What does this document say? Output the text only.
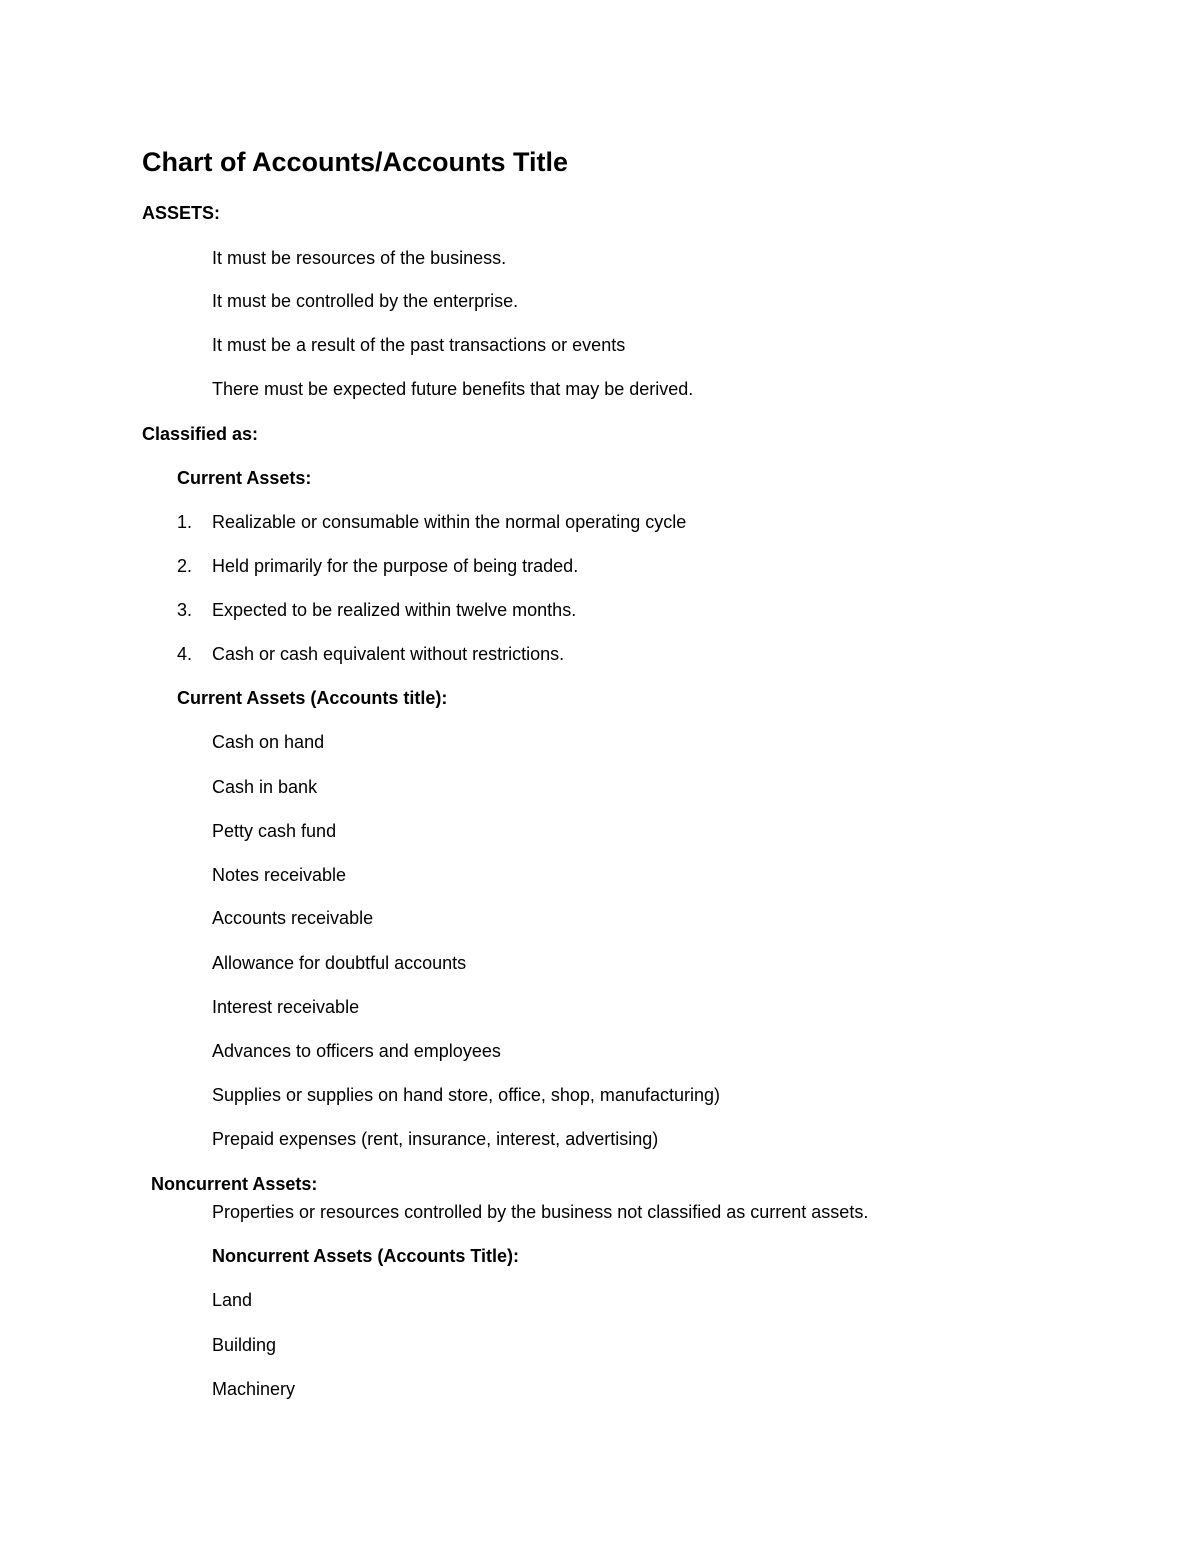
Chart of Accounts/Accounts Title
ASSETS:
It must be resources of the business.
It must be controlled by the enterprise.
It must be a result of the past transactions or events
There must be expected future benefits that may be derived.
Classified as:
Current Assets:
1. Realizable or consumable within the normal operating cycle
2. Held primarily for the purpose of being traded.
3. Expected to be realized within twelve months.
4. Cash or cash equivalent without restrictions.
Current Assets (Accounts title):
Cash on hand
Cash in bank
Petty cash fund
Notes receivable
Accounts receivable
Allowance for doubtful accounts
Interest receivable
Advances to officers and employees
Supplies or supplies on hand store, office, shop, manufacturing)
Prepaid expenses (rent, insurance, interest, advertising)
Noncurrent Assets:
Properties or resources controlled by the business not classified as current assets.
Noncurrent Assets (Accounts Title):
Land
Building
Machinery
